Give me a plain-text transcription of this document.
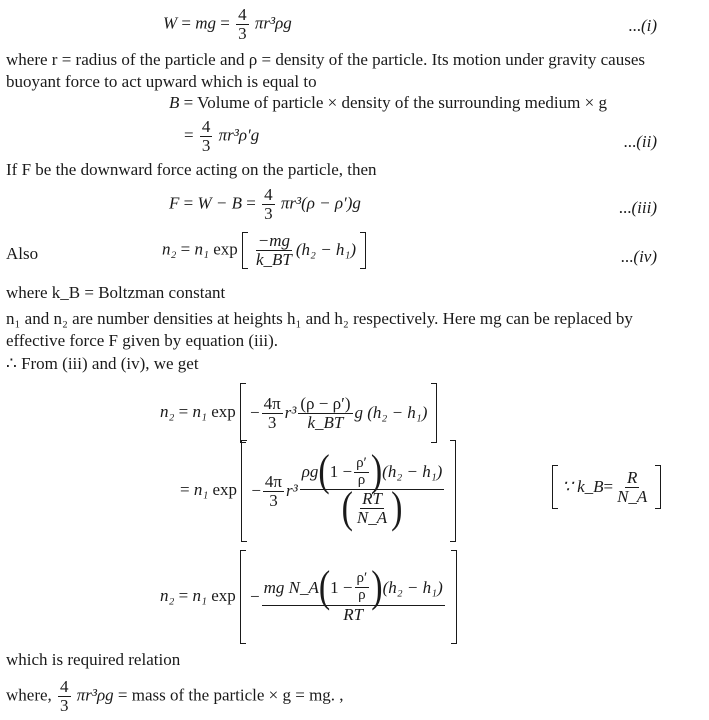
W = mg = $\frac{4}{3} \pi r^3\rho g$	...(i)
where r = radius of the particle and ρ = density of the particle. Its motion under gravity causes buoyant force to act upward which is equal to
B = Volume of particle × density of the surrounding medium × g
= $\frac{4}{3} \pi r^3\rho'g$	...(ii)
If F be the downward force acting on the particle, then
$F = W - B = \frac{4}{3} \pi r^3(\rho - \rho')g$	...(iii)
Also	n₂ = n₁ $\exp \frac{-mg}{k\_BT} (h_2 - h_1)$	...(iv)
where k_B = Boltzman constant
n₁ and n₂ are number densities at heights h₁ and h₂ respectively. Here mg can be replaced by effective force F given by equation (iii).
∴ From (iii) and (iv), we get
n₂ = n₁ $\exp - \frac{4\pi}{3} r^3 \frac{(\rho - \rho')}{k\_BT}$ g (h₂ − h₁)
= n₁ $\exp - \frac{4\pi}{3} r^3$
ρg ( $1 - \frac{\rho'}{\rho}$ ) (h₂ − h₁)
( $\frac{RT}{N\_A}$ )	∵ k_B = $\frac{R}{N\_A}$
n₂ = n₁ exp − mg N_A ( $1 - \frac{\rho'}{\rho}$ ) (h₂ − h₁)
RT
which is required relation
where, $\frac{4}{3} \pi r^3\rho g$ = mass of the particle × g = mg. ,
